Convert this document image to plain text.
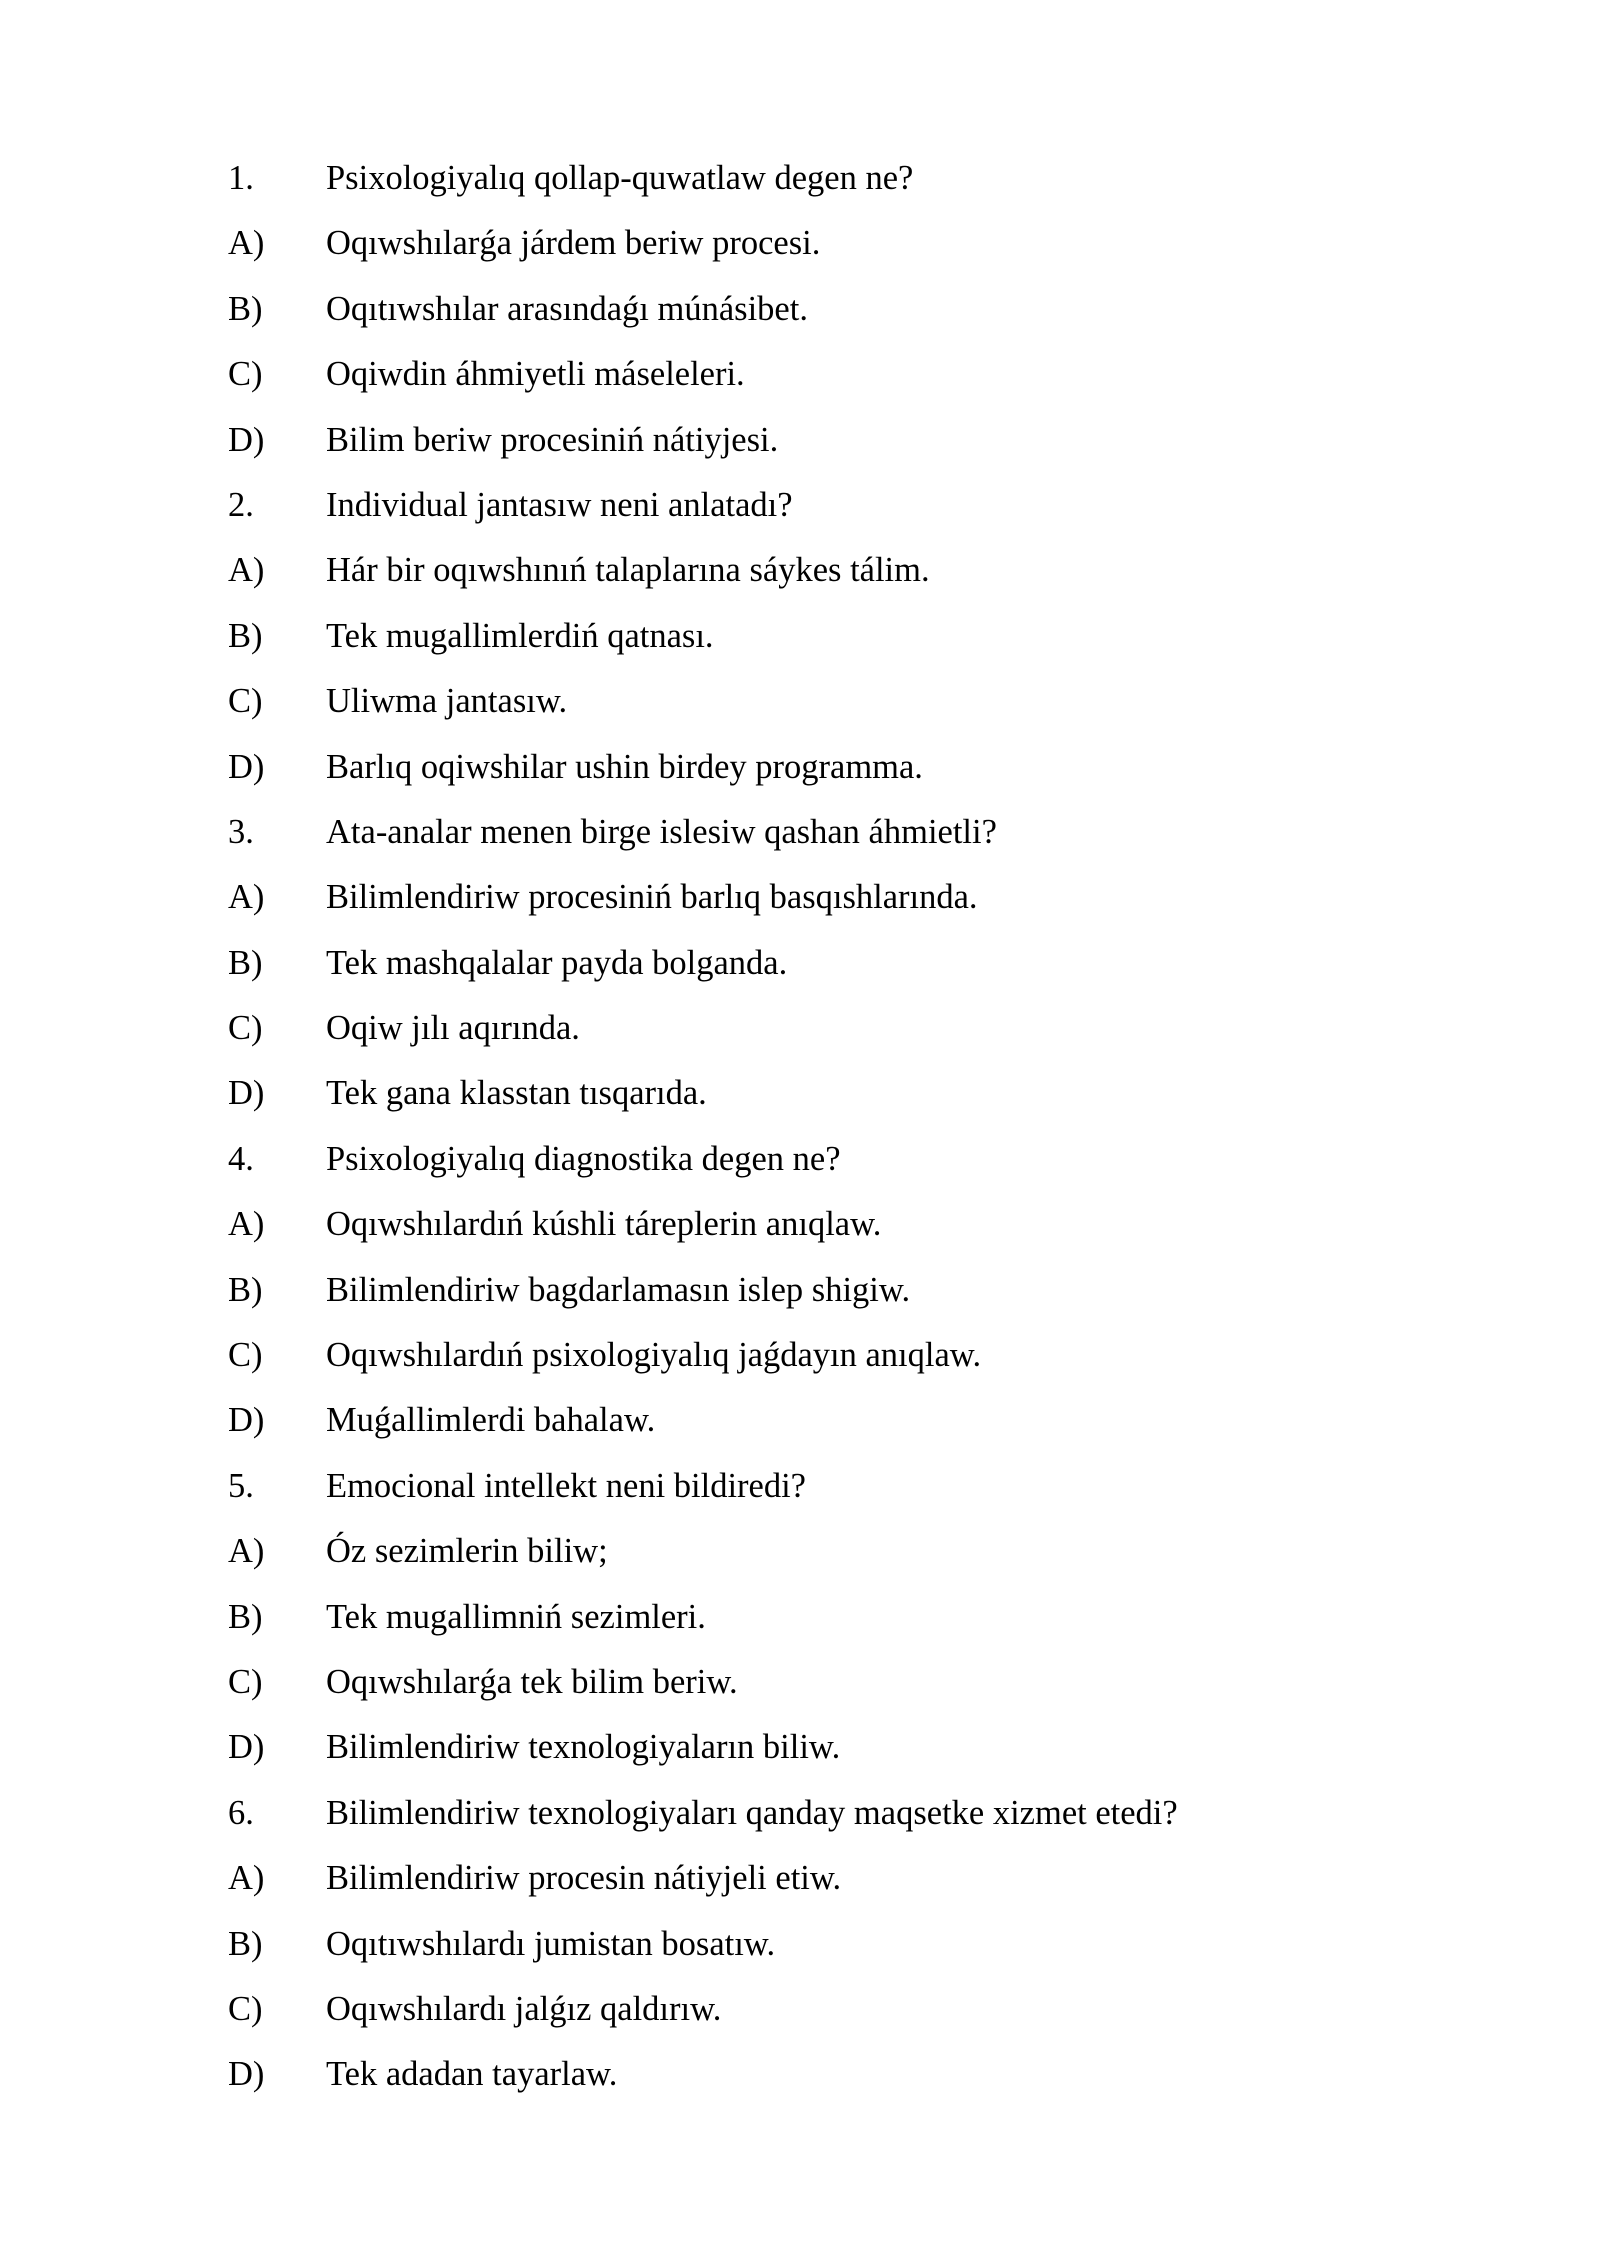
1.	Psixologiyalıq qollap-quwatlaw degen ne?
A)	Oqıwshılarǵa járdem beriw procesi.
B)	Oqıtıwshılar arasındaǵı múnásibet.
C)	Oqiwdin áhmiyetli máseleleri.
D)	Bilim beriw procesiniń nátiyjesi.
2.	Individual jantasıw neni anlatadı?
A)	Hár bir oqıwshınıń talaplarına sáykes tálim.
B)	Tek mugallimlerdiń qatnası.
C)	Uliwma jantasıw.
D)	Barlıq oqiwshilar ushin birdey programma.
3.	Ata-analar menen birge islesiw qashan áhmietli?
A)	Bilimlendiriw procesiniń barlıq basqıshlarında.
B)	Tek mashqalalar payda bolganda.
C)	Oqiw jılı aqırında.
D)	Tek gana klasstan tısqarıda.
4.	Psixologiyalıq diagnostika degen ne?
A)	Oqıwshılardıń kúshli táreplerin anıqlaw.
B)	Bilimlendiriw bagdarlamasın islep shigiw.
C)	Oqıwshılardıń psixologiyalıq jaǵdayın anıqlaw.
D)	Muǵallimlerdi bahalaw.
5.	Emocional intellekt neni bildiredi?
A)	Óz sezimlerin biliw;
B)	Tek mugallimniń sezimleri.
C)	Oqıwshılarǵa tek bilim beriw.
D)	Bilimlendiriw texnologiyaların biliw.
6.	Bilimlendiriw texnologiyaları qanday maqsetke xizmet etedi?
A)	Bilimlendiriw procesin nátiyjeli etiw.
B)	Oqıtıwshılardı jumistan bosatıw.
C)	Oqıwshılardı jalǵız qaldırıw.
D)	Tek adadan tayarlaw.
